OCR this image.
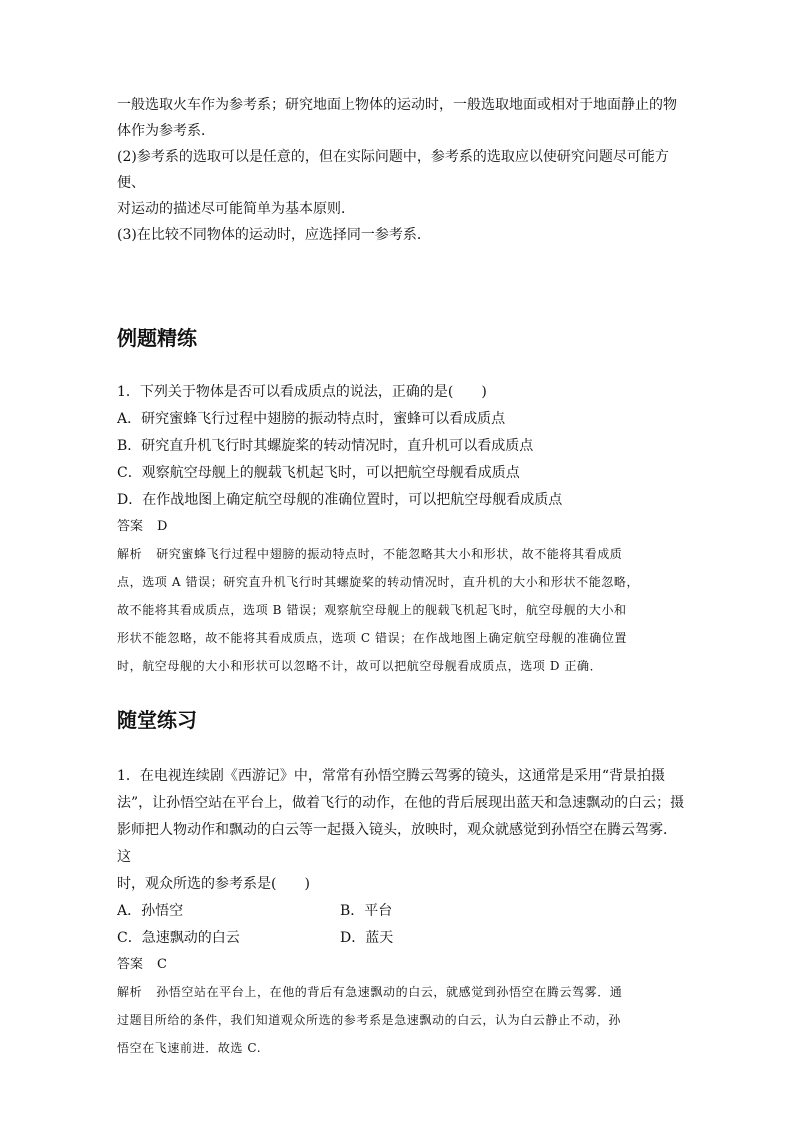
一般选取火车作为参考系；研究地面上物体的运动时，一般选取地面或相对于地面静止的物

体作为参考系．

(2)参考系的选取可以是任意的，但在实际问题中，参考系的选取应以使研究问题尽可能方便、

对运动的描述尽可能简单为基本原则．

(3)在比较不同物体的运动时，应选择同一参考系．

例题精练

1．下列关于物体是否可以看成质点的说法，正确的是(　　)

A．研究蜜蜂飞行过程中翅膀的振动特点时，蜜蜂可以看成质点

B．研究直升机飞行时其螺旋桨的转动情况时，直升机可以看成质点

C．观察航空母舰上的舰载飞机起飞时，可以把航空母舰看成质点

D．在作战地图上确定航空母舰的准确位置时，可以把航空母舰看成质点

答案 D

解析 研究蜜蜂飞行过程中翅膀的振动特点时，不能忽略其大小和形状，故不能将其看成质

点，选项 A 错误；研究直升机飞行时其螺旋桨的转动情况时，直升机的大小和形状不能忽略，

故不能将其看成质点，选项 B 错误；观察航空母舰上的舰载飞机起飞时，航空母舰的大小和

形状不能忽略，故不能将其看成质点，选项 C 错误；在作战地图上确定航空母舰的准确位置

时，航空母舰的大小和形状可以忽略不计，故可以把航空母舰看成质点，选项 D 正确．

随堂练习

1．在电视连续剧《西游记》中，常常有孙悟空腾云驾雾的镜头，这通常是采用“背景拍摄

法”，让孙悟空站在平台上，做着飞行的动作，在他的背后展现出蓝天和急速飘动的白云；摄

影师把人物动作和飘动的白云等一起摄入镜头，放映时，观众就感觉到孙悟空在腾云驾雾．这

时，观众所选的参考系是(　　)

A．孙悟空	B．平台
C．急速飘动的白云	D．蓝天

答案 C

解析 孙悟空站在平台上，在他的背后有急速飘动的白云，就感觉到孙悟空在腾云驾雾．通

过题目所给的条件，我们知道观众所选的参考系是急速飘动的白云，认为白云静止不动，孙

悟空在飞速前进．故选 C.
